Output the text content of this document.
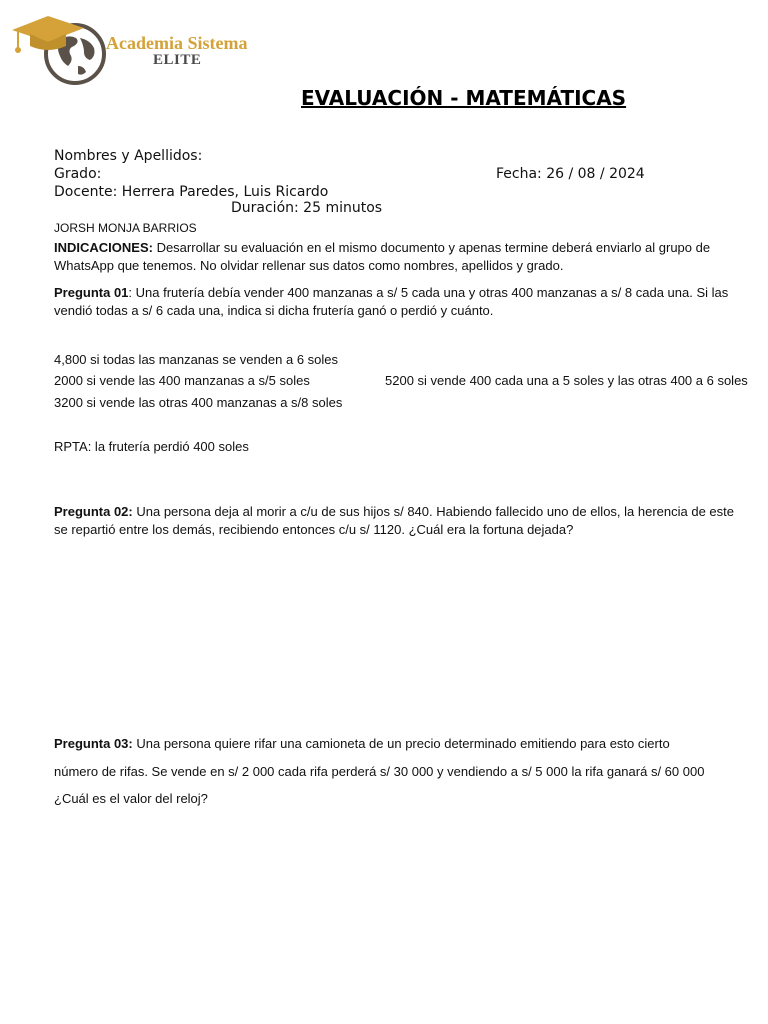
Academia Sistema
ELITE
EVALUACIÓN - MATEMÁTICAS
Nombres y Apellidos:
Grado:	Fecha: 26 / 08 / 2024
Docente: Herrera Paredes, Luis Ricardo
Duración: 25 minutos
JORSH MONJA BARRIOS
INDICACIONES: Desarrollar su evaluación en el mismo documento y apenas termine deberá enviarlo al grupo de WhatsApp que tenemos. No olvidar rellenar sus datos como nombres, apellidos y grado.
Pregunta 01: Una frutería debía vender 400 manzanas a s/ 5 cada una y otras 400 manzanas a s/ 8 cada una. Si las vendió todas a s/ 6 cada una, indica si dicha frutería ganó o perdió y cuánto.
4,800 si todas las manzanas se venden a 6 soles
2000 si vende las 400 manzanas a s/5 soles	5200 si vende 400 cada una a 5 soles y las otras 400 a 6 soles
3200 si vende las otras 400 manzanas a s/8 soles
RPTA: la frutería perdió 400 soles
Pregunta 02: Una persona deja al morir a c/u de sus hijos s/ 840. Habiendo fallecido uno de ellos, la herencia de este se repartió entre los demás, recibiendo entonces c/u s/ 1120. ¿Cuál era la fortuna dejada?
Pregunta 03: Una persona quiere rifar una camioneta de un precio determinado emitiendo para esto cierto
número de rifas. Se vende en s/ 2 000 cada rifa perderá s/ 30 000 y vendiendo a s/ 5 000 la rifa ganará s/ 60 000
¿Cuál es el valor del reloj?
